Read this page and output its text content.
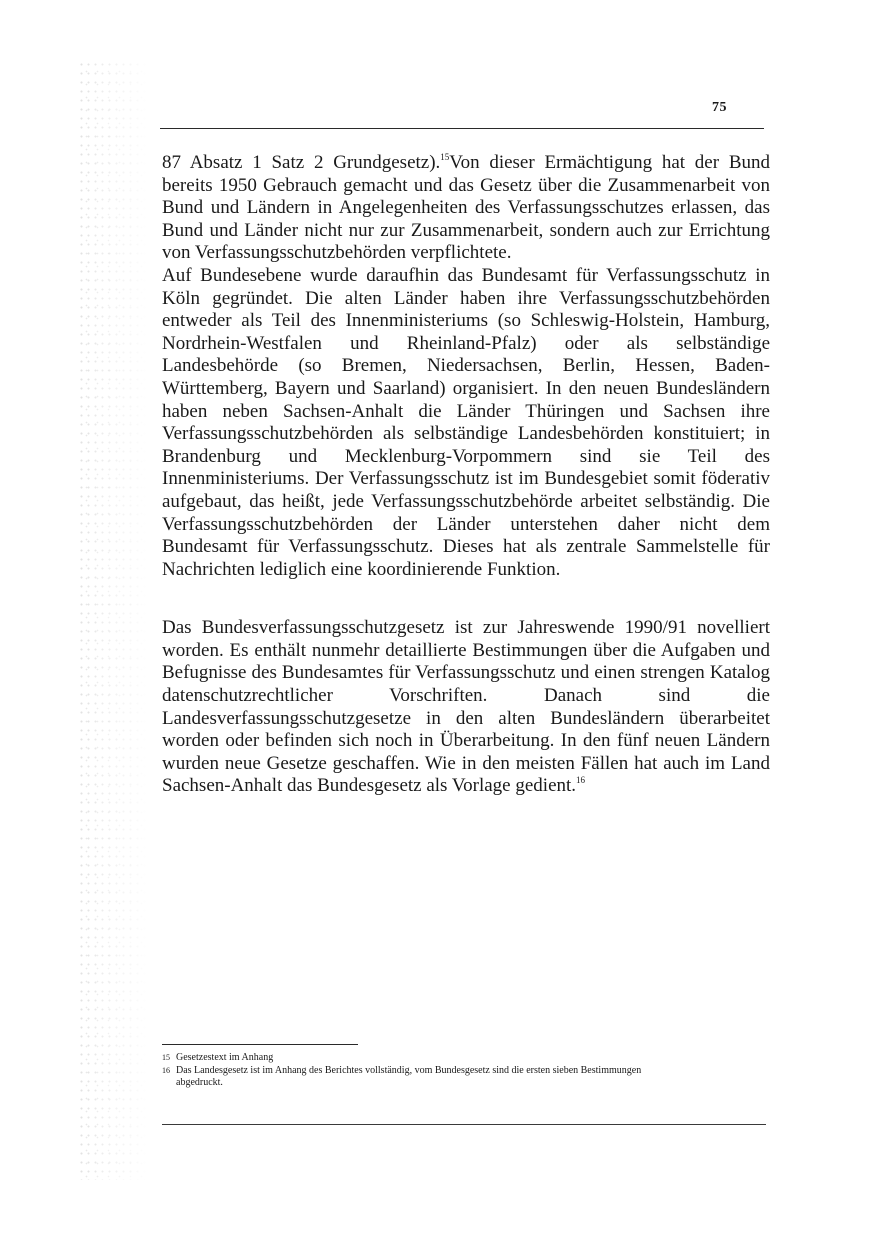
75

87 Absatz 1 Satz 2 Grundgesetz).$^{15}$Von dieser Ermächtigung hat der Bund bereits 1950 Gebrauch gemacht und das Gesetz über die Zusammenarbeit von Bund und Ländern in Angelegenheiten des Verfassungsschutzes erlassen, das Bund und Länder nicht nur zur Zusammenarbeit, sondern auch zur Errichtung von Verfassungsschutzbehörden verpflichtete.

Auf Bundesebene wurde daraufhin das Bundesamt für Verfassungsschutz in Köln gegründet. Die alten Länder haben ihre Verfassungsschutzbehörden entweder als Teil des Innenministeriums (so Schleswig-Holstein, Hamburg, Nordrhein-Westfalen und Rheinland-Pfalz) oder als selbständige Landesbehörde (so Bremen, Niedersachsen, Berlin, Hessen, Baden-Württemberg, Bayern und Saarland) organisiert. In den neuen Bundesländern haben neben Sachsen-Anhalt die Länder Thüringen und Sachsen ihre Verfassungsschutzbehörden als selbständige Landesbehörden konstituiert; in Brandenburg und Mecklenburg-Vorpommern sind sie Teil des Innenministeriums. Der Verfassungsschutz ist im Bundesgebiet somit föderativ aufgebaut, das heißt, jede Verfassungsschutzbehörde arbeitet selbständig. Die Verfassungsschutzbehörden der Länder unterstehen daher nicht dem Bundesamt für Verfassungsschutz. Dieses hat als zentrale Sammelstelle für Nachrichten lediglich eine koordinierende Funktion.

Das Bundesverfassungsschutzgesetz ist zur Jahreswende 1990/91 novelliert worden. Es enthält nunmehr detaillierte Bestimmungen über die Aufgaben und Befugnisse des Bundesamtes für Verfassungsschutz und einen strengen Katalog datenschutzrechtlicher Vorschriften. Danach sind die Landesverfassungsschutzgesetze in den alten Bundesländern überarbeitet worden oder befinden sich noch in Überarbeitung. In den fünf neuen Ländern wurden neue Gesetze geschaffen. Wie in den meisten Fällen hat auch im Land Sachsen-Anhalt das Bundesgesetz als Vorlage gedient.$^{16}$

15 Gesetzestext im Anhang
16 Das Landesgesetz ist im Anhang des Berichtes vollständig, vom Bundesgesetz sind die ersten sieben Bestimmungen abgedruckt.
